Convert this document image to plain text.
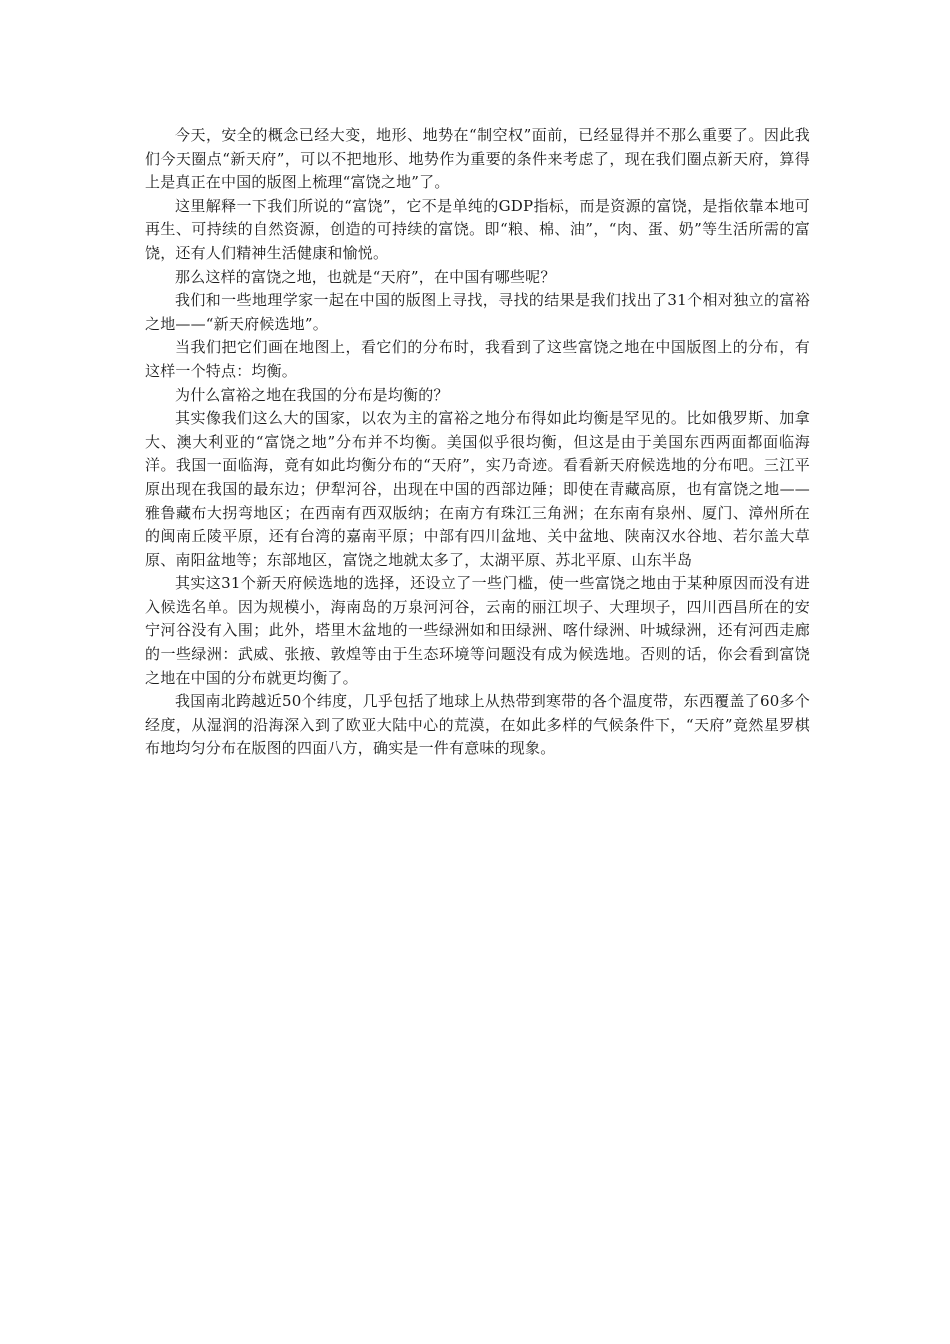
今天，安全的概念已经大变，地形、地势在“制空权”面前，已经显得并不那么重要了。因此我们今天圈点“新天府”，可以不把地形、地势作为重要的条件来考虑了，现在我们圈点新天府，算得上是真正在中国的版图上梳理“富饶之地”了。

这里解释一下我们所说的“富饶”，它不是单纯的GDP指标，而是资源的富饶，是指依靠本地可再生、可持续的自然资源，创造的可持续的富饶。即“粮、棉、油”，“肉、蛋、奶”等生活所需的富饶，还有人们精神生活健康和愉悦。

那么这样的富饶之地，也就是“天府”，在中国有哪些呢？

我们和一些地理学家一起在中国的版图上寻找，寻找的结果是我们找出了31个相对独立的富裕之地——“新天府候选地”。

当我们把它们画在地图上，看它们的分布时，我看到了这些富饶之地在中国版图上的分布，有这样一个特点：均衡。

为什么富裕之地在我国的分布是均衡的？

其实像我们这么大的国家，以农为主的富裕之地分布得如此均衡是罕见的。比如俄罗斯、加拿大、澳大利亚的“富饶之地”分布并不均衡。美国似乎很均衡，但这是由于美国东西两面都面临海洋。我国一面临海，竟有如此均衡分布的“天府”，实乃奇迹。看看新天府候选地的分布吧。三江平原出现在我国的最东边；伊犁河谷，出现在中国的西部边陲；即使在青藏高原，也有富饶之地——雅鲁藏布大拐弯地区；在西南有西双版纳；在南方有珠江三角洲；在东南有泉州、厦门、漳州所在的闽南丘陵平原，还有台湾的嘉南平原；中部有四川盆地、关中盆地、陕南汉水谷地、若尔盖大草原、南阳盆地等；东部地区，富饶之地就太多了，太湖平原、苏北平原、山东半岛

其实这31个新天府候选地的选择，还设立了一些门槛，使一些富饶之地由于某种原因而没有进入候选名单。因为规模小，海南岛的万泉河河谷，云南的丽江坝子、大理坝子，四川西昌所在的安宁河谷没有入围；此外，塔里木盆地的一些绿洲如和田绿洲、喀什绿洲、叶城绿洲，还有河西走廊的一些绿洲：武威、张掖、敦煌等由于生态环境等问题没有成为候选地。否则的话，你会看到富饶之地在中国的分布就更均衡了。

我国南北跨越近50个纬度，几乎包括了地球上从热带到寒带的各个温度带，东西覆盖了60多个经度，从湿润的沿海深入到了欧亚大陆中心的荒漠，在如此多样的气候条件下，“天府”竟然星罗棋布地均匀分布在版图的四面八方，确实是一件有意味的现象。
